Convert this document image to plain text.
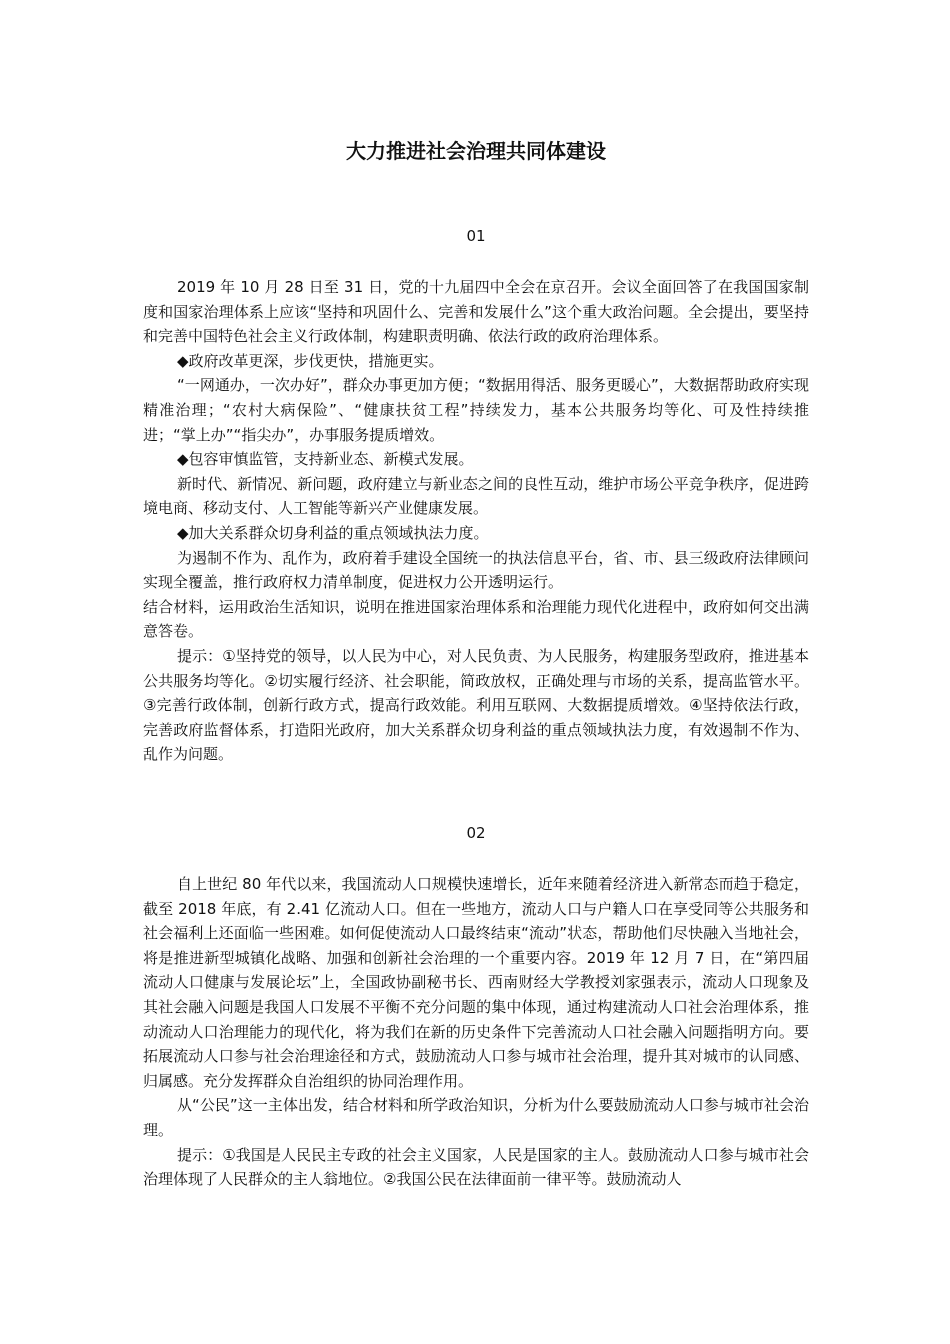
大力推进社会治理共同体建设
01

2019 年 10 月 28 日至 31 日，党的十九届四中全会在京召开。会议全面回答了在我国国家制度和国家治理体系上应该“坚持和巩固什么、完善和发展什么”这个重大政治问题。全会提出，要坚持和完善中国特色社会主义行政体制，构建职责明确、依法行政的政府治理体系。

◆政府改革更深，步伐更快，措施更实。

“一网通办，一次办好”，群众办事更加方便；“数据用得活、服务更暖心”，大数据帮助政府实现精准治理；“农村大病保险”、“健康扶贫工程”持续发力，基本公共服务均等化、可及性持续推进；“掌上办”“指尖办”，办事服务提质增效。

◆包容审慎监管，支持新业态、新模式发展。

新时代、新情况、新问题，政府建立与新业态之间的良性互动，维护市场公平竞争秩序，促进跨境电商、移动支付、人工智能等新兴产业健康发展。

◆加大关系群众切身利益的重点领域执法力度。

为遏制不作为、乱作为，政府着手建设全国统一的执法信息平台，省、市、县三级政府法律顾问实现全覆盖，推行政府权力清单制度，促进权力公开透明运行。

结合材料，运用政治生活知识，说明在推进国家治理体系和治理能力现代化进程中，政府如何交出满意答卷。

提示：①坚持党的领导，以人民为中心，对人民负责、为人民服务，构建服务型政府，推进基本公共服务均等化。②切实履行经济、社会职能，简政放权，正确处理与市场的关系，提高监管水平。③完善行政体制，创新行政方式，提高行政效能。利用互联网、大数据提质增效。④坚持依法行政，完善政府监督体系，打造阳光政府，加大关系群众切身利益的重点领域执法力度，有效遏制不作为、乱作为问题。

02

自上世纪 80 年代以来，我国流动人口规模快速增长，近年来随着经济进入新常态而趋于稳定，截至 2018 年底，有 2.41 亿流动人口。但在一些地方，流动人口与户籍人口在享受同等公共服务和社会福利上还面临一些困难。如何促使流动人口最终结束“流动”状态，帮助他们尽快融入当地社会，将是推进新型城镇化战略、加强和创新社会治理的一个重要内容。2019 年 12 月 7 日，在“第四届流动人口健康与发展论坛”上，全国政协副秘书长、西南财经大学教授刘家强表示，流动人口现象及其社会融入问题是我国人口发展不平衡不充分问题的集中体现，通过构建流动人口社会治理体系，推动流动人口治理能力的现代化，将为我们在新的历史条件下完善流动人口社会融入问题指明方向。要拓展流动人口参与社会治理途径和方式，鼓励流动人口参与城市社会治理，提升其对城市的认同感、归属感。充分发挥群众自治组织的协同治理作用。

从“公民”这一主体出发，结合材料和所学政治知识，分析为什么要鼓励流动人口参与城市社会治理。

提示：①我国是人民民主专政的社会主义国家，人民是国家的主人。鼓励流动人口参与城市社会治理体现了人民群众的主人翁地位。②我国公民在法律面前一律平等。鼓励流动人
